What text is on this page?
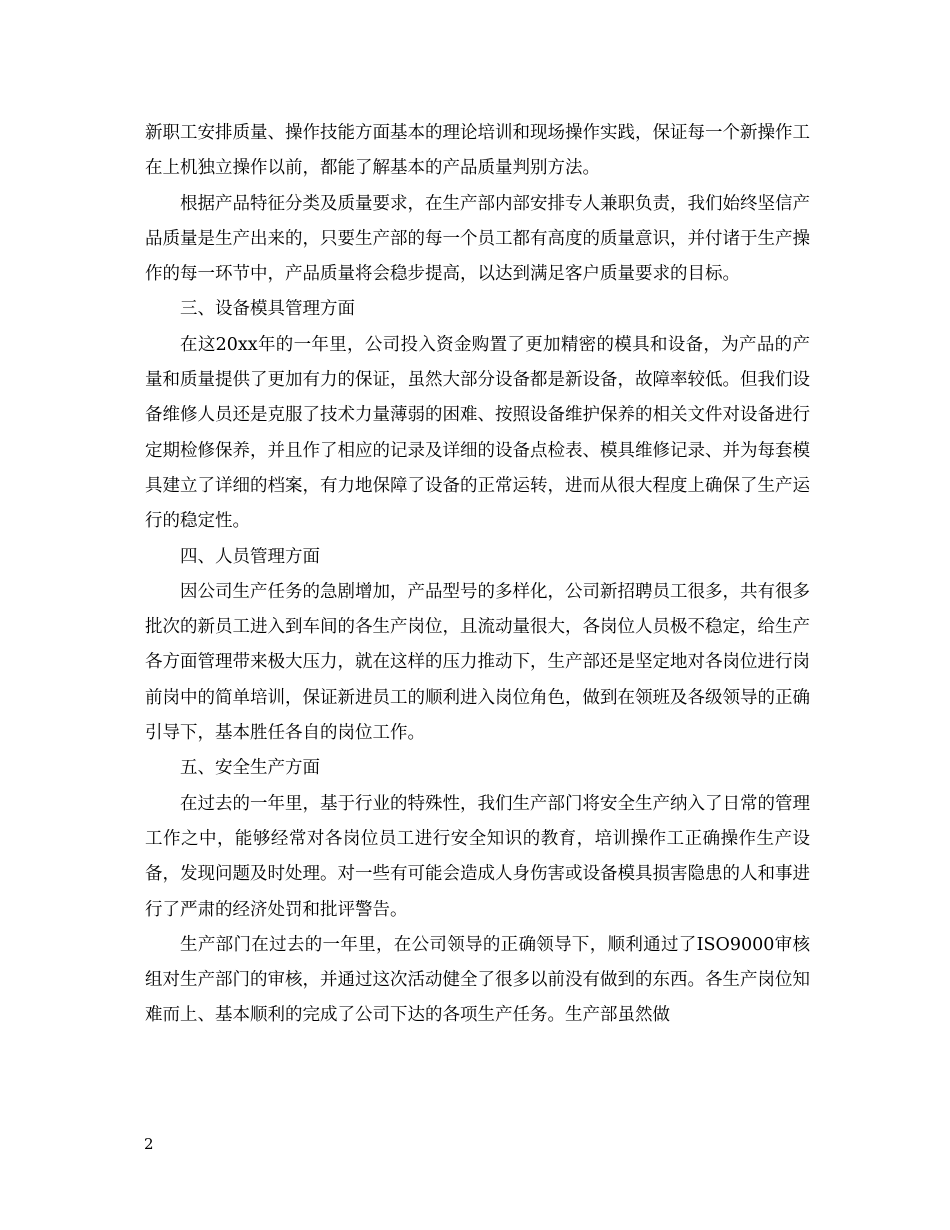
新职工安排质量、操作技能方面基本的理论培训和现场操作实践，保证每一个新操作工在上机独立操作以前，都能了解基本的产品质量判别方法。

根据产品特征分类及质量要求，在生产部内部安排专人兼职负责，我们始终坚信产品质量是生产出来的，只要生产部的每一个员工都有高度的质量意识，并付诸于生产操作的每一环节中，产品质量将会稳步提高，以达到满足客户质量要求的目标。

三、设备模具管理方面

在这20xx年的一年里，公司投入资金购置了更加精密的模具和设备，为产品的产量和质量提供了更加有力的保证，虽然大部分设备都是新设备，故障率较低。但我们设备维修人员还是克服了技术力量薄弱的困难、按照设备维护保养的相关文件对设备进行定期检修保养，并且作了相应的记录及详细的设备点检表、模具维修记录、并为每套模具建立了详细的档案，有力地保障了设备的正常运转，进而从很大程度上确保了生产运行的稳定性。

四、人员管理方面

因公司生产任务的急剧增加，产品型号的多样化，公司新招聘员工很多，共有很多批次的新员工进入到车间的各生产岗位，且流动量很大，各岗位人员极不稳定，给生产各方面管理带来极大压力，就在这样的压力推动下，生产部还是坚定地对各岗位进行岗前岗中的简单培训，保证新进员工的顺利进入岗位角色，做到在领班及各级领导的正确引导下，基本胜任各自的岗位工作。

五、安全生产方面

在过去的一年里，基于行业的特殊性，我们生产部门将安全生产纳入了日常的管理工作之中，能够经常对各岗位员工进行安全知识的教育，培训操作工正确操作生产设备，发现问题及时处理。对一些有可能会造成人身伤害或设备模具损害隐患的人和事进行了严肃的经济处罚和批评警告。

生产部门在过去的一年里，在公司领导的正确领导下，顺利通过了ISO9000审核组对生产部门的审核，并通过这次活动健全了很多以前没有做到的东西。各生产岗位知难而上、基本顺利的完成了公司下达的各项生产任务。生产部虽然做

2
